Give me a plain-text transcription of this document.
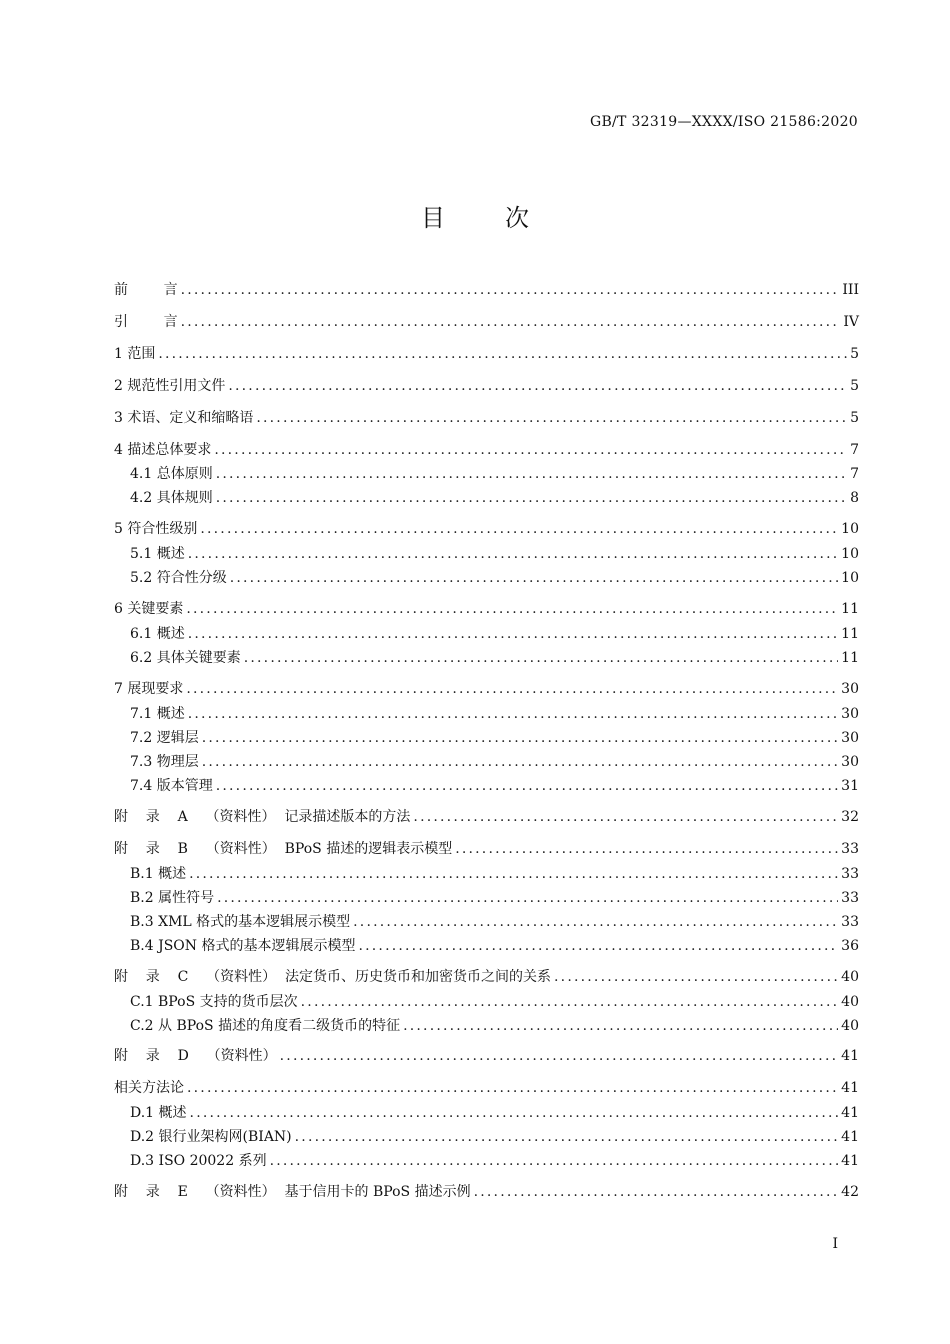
GB/T 32319—XXXX/ISO 21586:2020
目	次
前        言 .....	III
引        言 .....	IV
1 范围 .....	5
2 规范性引用文件 .....	5
3 术语、定义和缩略语 .....	5
4 描述总体要求 .....	7
4.1 总体原则 .....	7
4.2 具体规则 .....	8
5 符合性级别 .....	10
5.1 概述 .....	10
5.2 符合性分级 .....	10
6 关键要素 .....	11
6.1 概述 .....	11
6.2 具体关键要素 .....	11
7 展现要求 .....	30
7.1 概述 .....	30
7.2 逻辑层 .....	30
7.3 物理层 .....	30
7.4 版本管理 .....	31
附    录    A    （资料性）  记录描述版本的方法 .....	32
附    录    B    （资料性）  BPoS 描述的逻辑表示模型 .....	33
B.1 概述 .....	33
B.2 属性符号 .....	33
B.3 XML 格式的基本逻辑展示模型 .....	33
B.4 JSON 格式的基本逻辑展示模型 .....	36
附    录    C    （资料性）  法定货币、历史货币和加密货币之间的关系 .....	40
C.1 BPoS 支持的货币层次 .....	40
C.2 从 BPoS 描述的角度看二级货币的特征 .....	40
附    录    D    （资料性） .....	41
相关方法论 .....	41
D.1 概述 .....	41
D.2 银行业架构网(BIAN) .....	41
D.3 ISO 20022 系列 .....	41
附    录    E    （资料性）  基于信用卡的 BPoS 描述示例 .....	42
I
